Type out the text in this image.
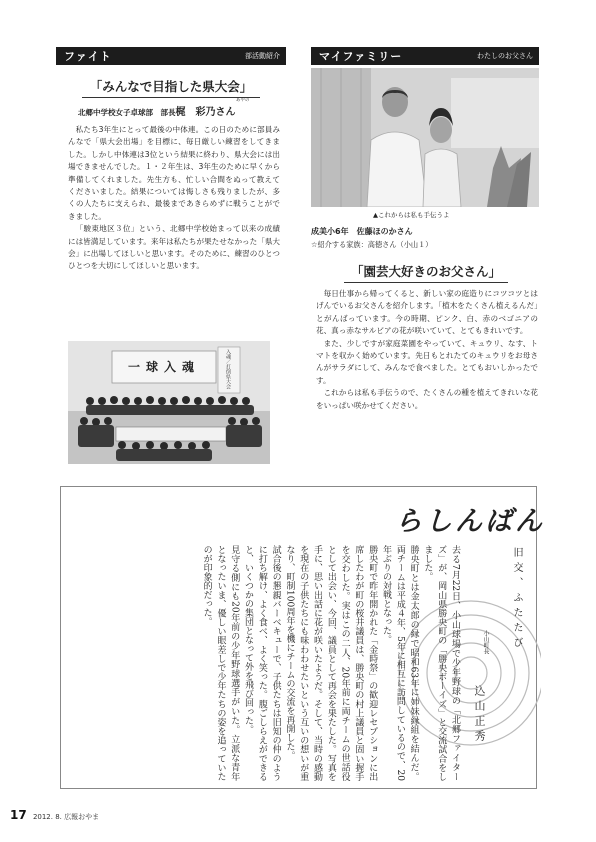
ファイト	部活動紹介
「みんなで目指した県大会」
あやの
北郷中学校女子卓球部　部長梶　彩乃さん

私たち3年生にとって最後の中体連。この日のために部員みんなで「県大会出場」を目標に、毎日厳しい練習をしてきました。しかし中体連は3位という結果に終わり、県大会には出場できませんでした。１・２年生は、3年生のために早くから準備してくれました。先生方も、忙しい合間をぬって教えてくださいました。結果については悔しさも残りましたが、多くの人たちに支えられ、最後まであきらめずに戦うことができました。

「駿東地区３位」という、北郷中学校始まって以来の成績には皆満足しています。来年は私たちが果たせなかった「県大会」に出場してほしいと思います。そのために、練習のひとつひとつを大切にしてほしいと思います。

一球入魂	入魂／打倒県大会
マイファミリー	わたしのお父さん
▲これからは私も手伝うよ
成美小6年　佐藤ほのかさん
☆紹介する家族：高徳さん（小山１）
「園芸大好きのお父さん」

毎日仕事から帰ってくると、新しい家の庭造りにコツコツとはげんでいるお父さんを紹介します。「植木をたくさん植えるんだ」とがんばっています。今の時期、ピンク、白、赤のベゴニアの花、真っ赤なサルビアの花が咲いていて、とてもきれいです。

また、少しですが家庭菜園をやっていて、キュウリ、なす、トマトを収かく始めています。先日もとれたてのキュウリをお母さんがサラダにして、みんなで食べました。とてもおいしかったです。

これからは私も手伝うので、たくさんの種を植えてきれいな花をいっぱい咲かせてください。

らしんばん
旧交、ふたたび
小山町長
込山正秀

去る7月22日、小山球場で少年野球の「北郷ファイターズ」が、岡山県勝央町の「勝央ボーイズ」と交流試合をしました。

勝央町とは金太郎の縁で昭和63年に姉妹縁組を結んだ。両チームは平成４年、5年に相互に訪問しているので、20年ぶりの対戦となった。

勝央町で昨年開かれた「金時祭」の歓迎レセプションに出席したわが町の桜井議員は、勝央町の村上議員と固い握手を交わした。実はこの二人、20年前に両チームの世話役として出会い、今回、議員として再会を果たした。写真を手に、思い出話に花が咲いたようだ。そして、当時の感動を現在の子供たちにも味わわせたいという互いの想いが重なり、町制100周年を機にチームの交流を再開した。

試合後の懇親バーベキューで、子供たちは旧知の仲のように打ち解け、よく食べ、よく笑った。腹ごしらえができると、いくつかの集団となって外を飛び回った。

見守る側にも20年前の少年野球選手がいた。立派な青年となったいま、優しい眼差しで少年たちの姿を追っていたのが印象的だった。

17 2012. 8. 広報おやま
